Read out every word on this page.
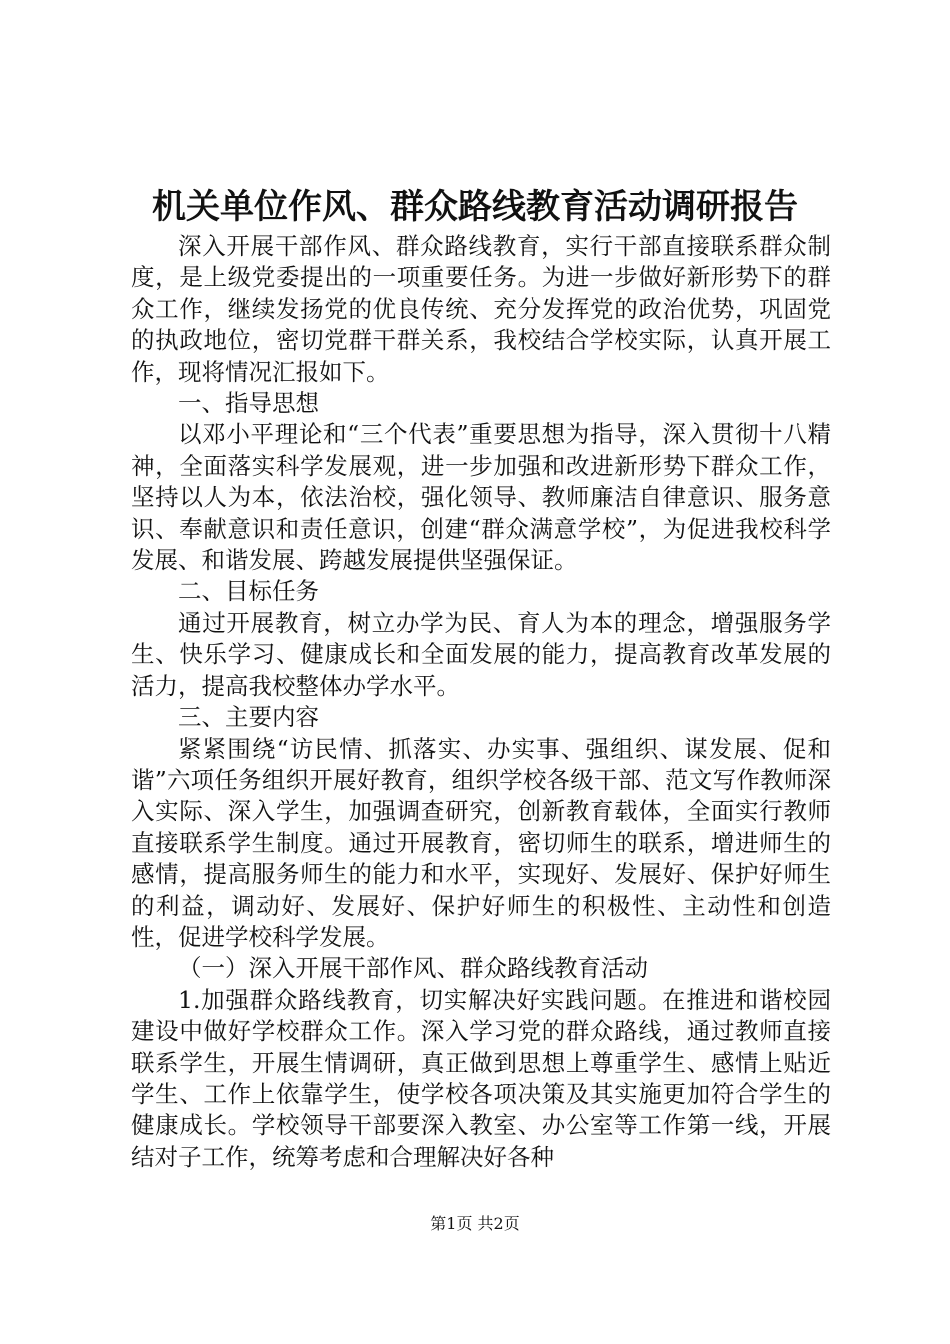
机关单位作风、群众路线教育活动调研报告

深入开展干部作风、群众路线教育，实行干部直接联系群众制度，是上级党委提出的一项重要任务。为进一步做好新形势下的群众工作，继续发扬党的优良传统、充分发挥党的政治优势，巩固党的执政地位，密切党群干群关系，我校结合学校实际，认真开展工作，现将情况汇报如下。

一、指导思想

以邓小平理论和“三个代表”重要思想为指导，深入贯彻十八精神，全面落实科学发展观，进一步加强和改进新形势下群众工作，坚持以人为本，依法治校，强化领导、教师廉洁自律意识、服务意识、奉献意识和责任意识，创建“群众满意学校”，为促进我校科学发展、和谐发展、跨越发展提供坚强保证。

二、目标任务

通过开展教育，树立办学为民、育人为本的理念，增强服务学生、快乐学习、健康成长和全面发展的能力，提高教育改革发展的活力，提高我校整体办学水平。

三、主要内容

紧紧围绕“访民情、抓落实、办实事、强组织、谋发展、促和谐”六项任务组织开展好教育，组织学校各级干部、范文写作教师深入实际、深入学生，加强调查研究，创新教育载体，全面实行教师直接联系学生制度。通过开展教育，密切师生的联系，增进师生的感情，提高服务师生的能力和水平，实现好、发展好、保护好师生的利益，调动好、发展好、保护好师生的积极性、主动性和创造性，促进学校科学发展。

（一）深入开展干部作风、群众路线教育活动

1.加强群众路线教育，切实解决好实践问题。在推进和谐校园建设中做好学校群众工作。深入学习党的群众路线，通过教师直接联系学生，开展生情调研，真正做到思想上尊重学生、感情上贴近学生、工作上依靠学生，使学校各项决策及其实施更加符合学生的健康成长。学校领导干部要深入教室、办公室等工作第一线，开展结对子工作，统筹考虑和合理解决好各种

第1页 共2页
